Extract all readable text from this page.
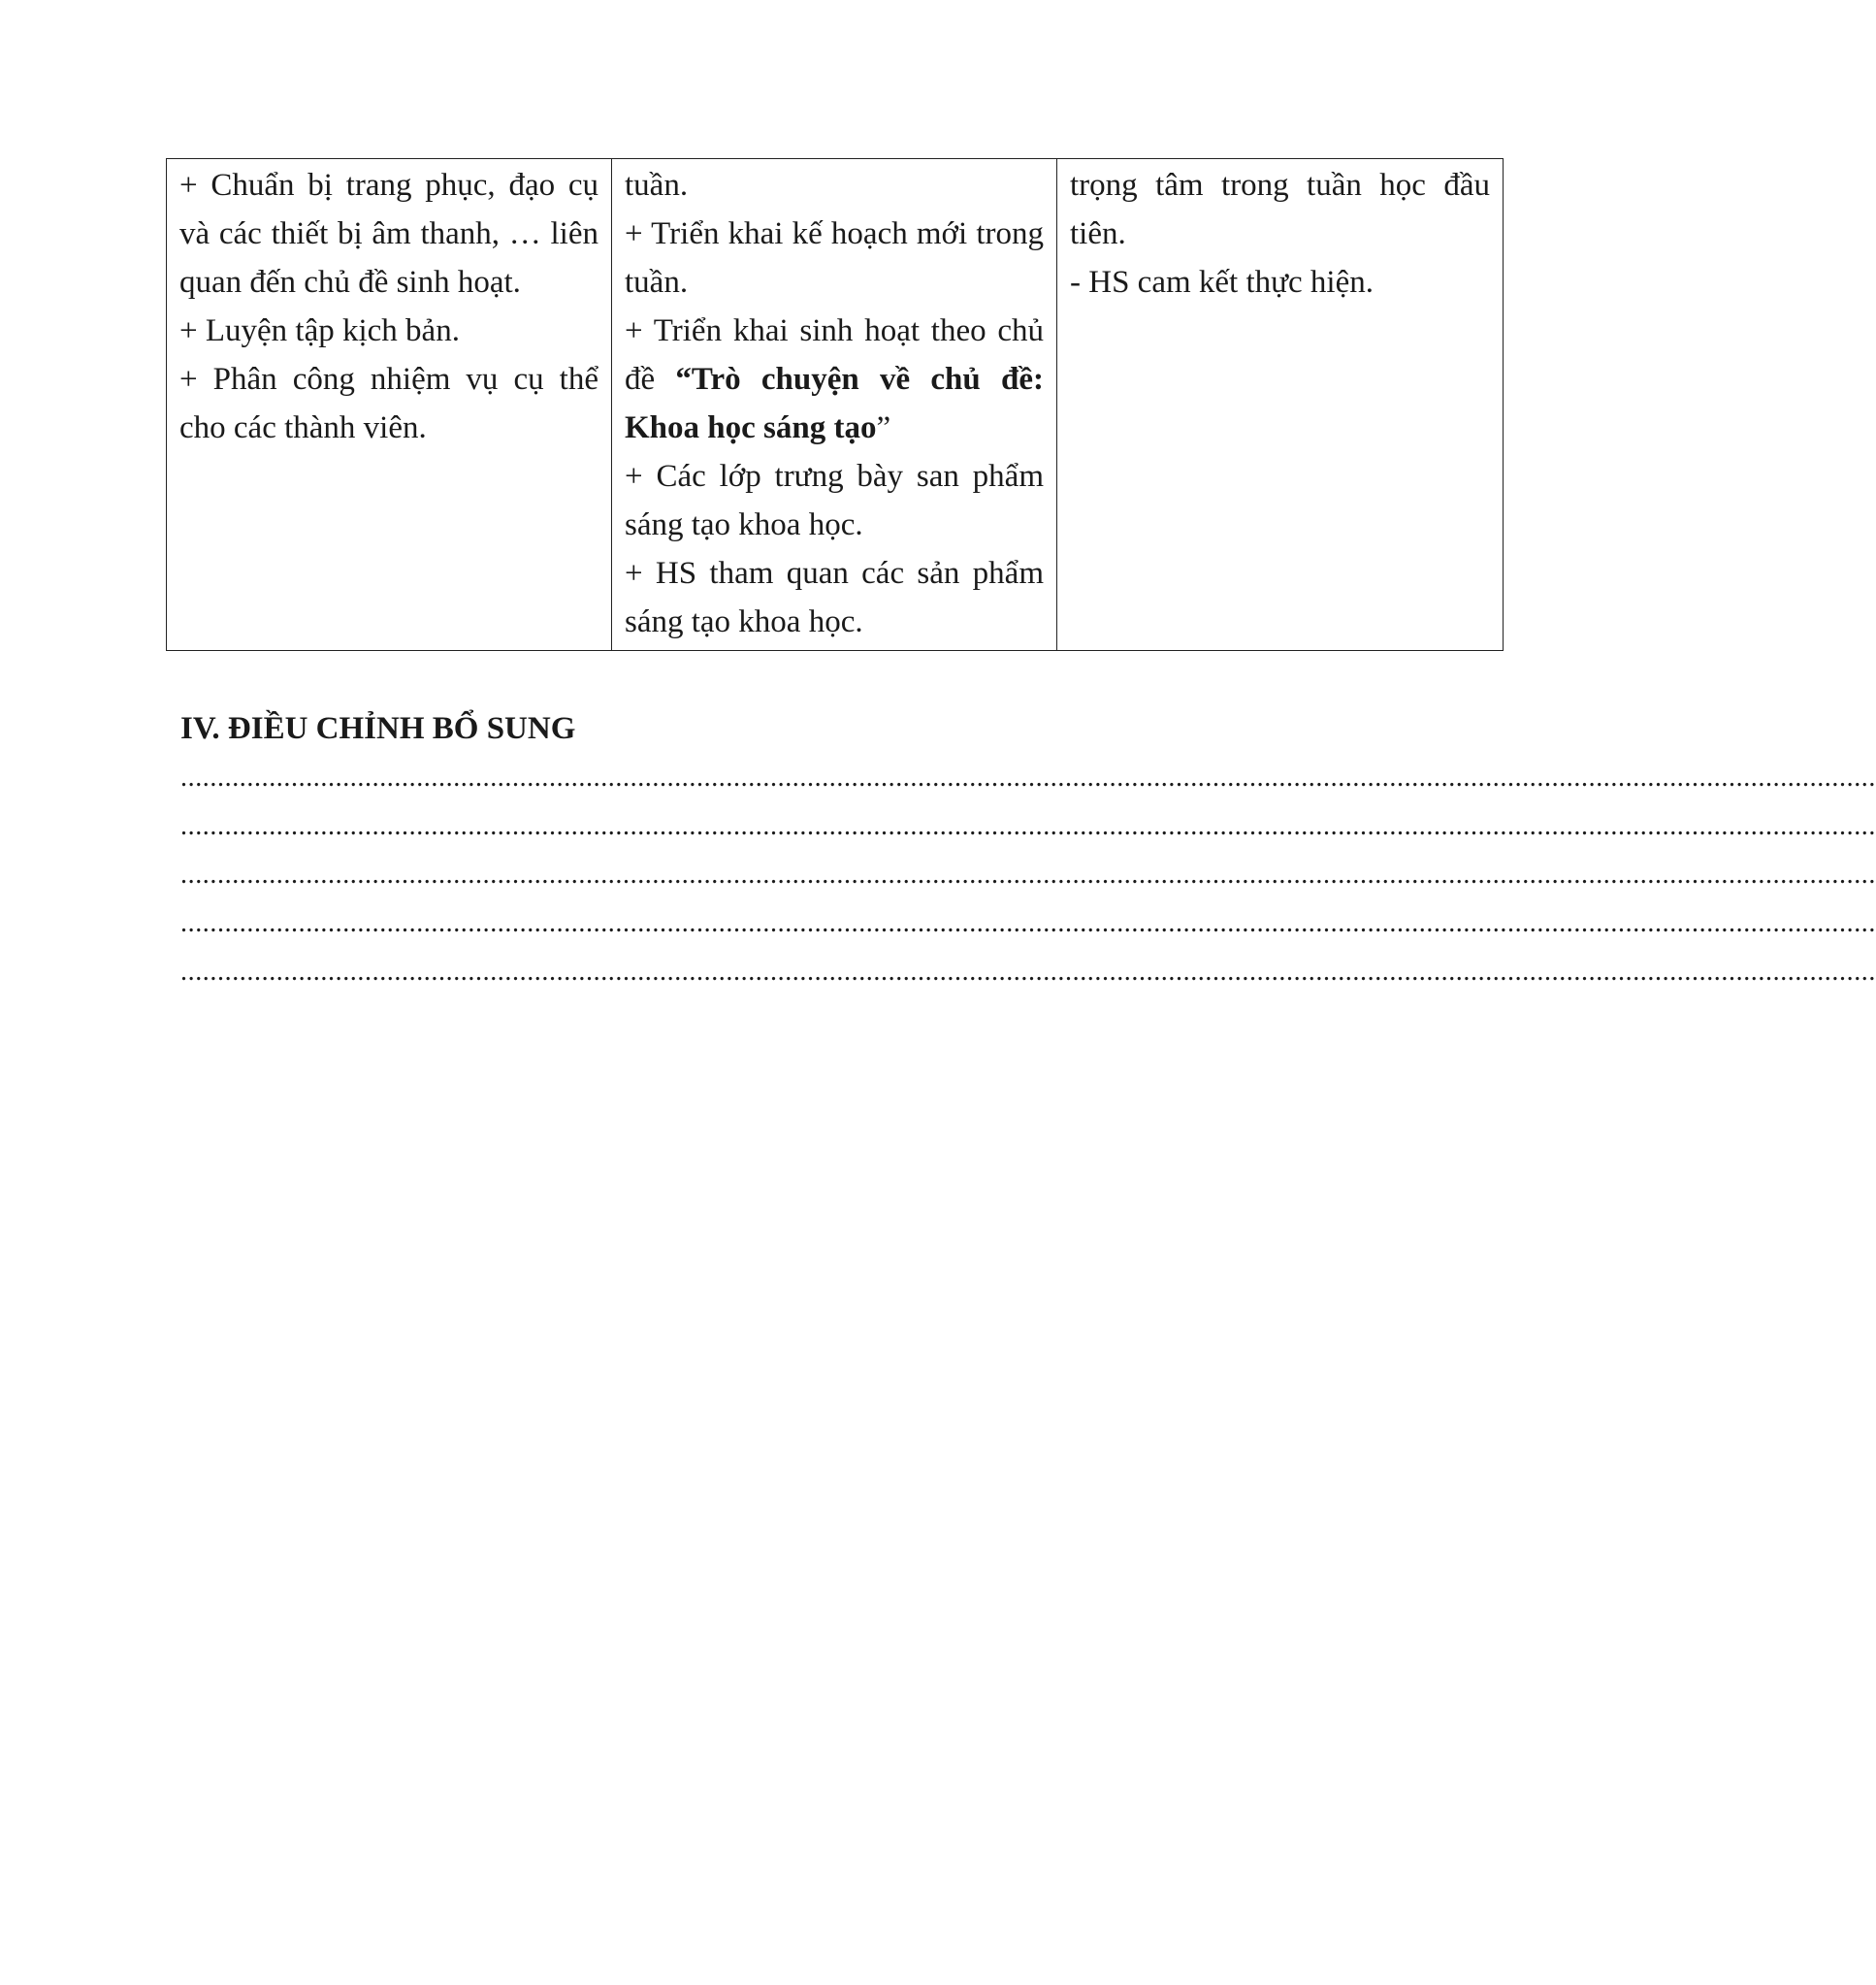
+ Chuẩn bị trang phục, đạo cụ và các thiết bị âm thanh, … liên quan đến chủ đề sinh hoạt.
+ Luyện tập kịch bản.
+ Phân công nhiệm vụ cụ thể cho các thành viên.

tuần.
+ Triển khai kế hoạch mới trong tuần.
+ Triển khai sinh hoạt theo chủ đề “Trò chuyện về chủ đề: Khoa học sáng tạo”
+ Các lớp trưng bày san phẩm sáng tạo khoa học.
+ HS tham quan các sản phẩm sáng tạo khoa học.

trọng tâm trong tuần học đầu tiên.
- HS cam kết thực hiện.
IV. ĐIỀU CHỈNH BỔ SUNG
......................................................................................................................................................................................................................................
......................................................................................................................................................................................................................................
......................................................................................................................................................................................................................................
......................................................................................................................................................................................................................................
......................................................................................................................................................................................................................................
